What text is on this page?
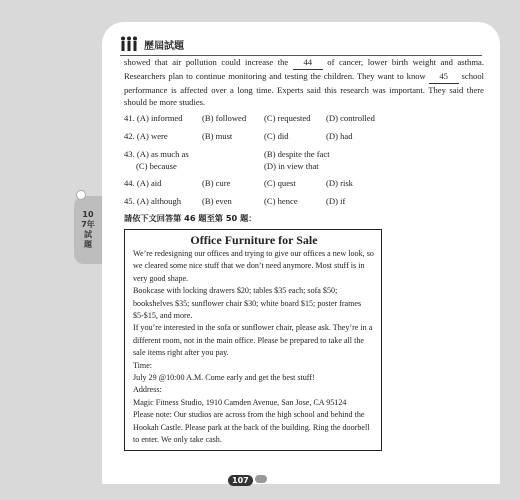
107年試題
歷屆試題
showed that air pollution could increase the 44 of cancer, lower birth weight and asthma. Researchers plan to continue monitoring and testing the children. They want to know 45 school performance is affected over a long time. Experts said this research was important. They said there should be more studies.
41. (A) informed (B) followed (C) requested (D) controlled
42. (A) were	(B) must	(C) did	(D) had
43. (A) as much as	(B) despite the fact
(C) because	(D) in view that
44. (A) aid	(B) cure	(C) quest	(D) risk
45. (A) although (B) even	(C) hence	(D) if
請依下文回答第 46 題至第 50 題：
Office Furniture for Sale

We’re redesigning our offices and trying to give our offices a new look, so we cleared some nice stuff that we don’t need anymore. Most stuff is in very good shape.

Bookcase with locking drawers $20; tables $35 each; sofa $50; bookshelves $35; sunflower chair $30; white board $15; poster frames $5-$15, and more.

If you’re interested in the sofa or sunflower chair, please ask. They’re in a different room, not in the main office. Please be prepared to take all the sale items right after you pay.

Time:

July 29 @10:00 A.M. Come early and get the best stuff!

Address:

Magic Fitness Studio, 1910 Camden Avenue, San Jose, CA 95124

Please note: Our studios are across from the high school and behind the Hookah Castle. Please park at the back of the building. Ring the doorbell to enter. We only take cash.

107
